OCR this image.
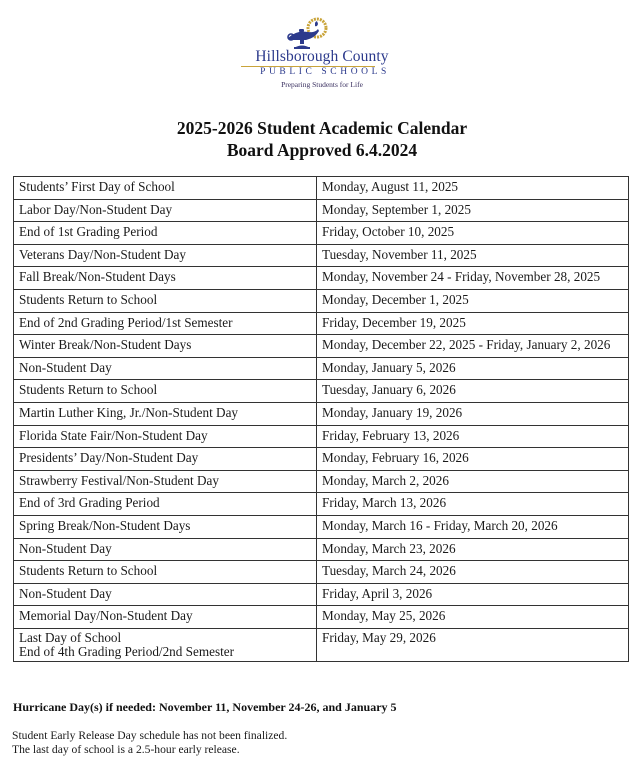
Hillsborough County
PUBLIC SCHOOLS
Preparing Students for Life
2025-2026 Student Academic Calendar
Board Approved 6.4.2024
Students’ First Day of School	Monday, August 11, 2025
Labor Day/Non-Student Day	Monday, September 1, 2025
End of 1st Grading Period	Friday, October 10, 2025
Veterans Day/Non-Student Day	Tuesday, November 11, 2025
Fall Break/Non-Student Days	Monday, November 24 - Friday, November 28, 2025
Students Return to School	Monday, December 1, 2025
End of 2nd Grading Period/1st Semester	Friday, December 19, 2025
Winter Break/Non-Student Days	Monday, December 22, 2025 - Friday, January 2, 2026
Non-Student Day	Monday, January 5, 2026
Students Return to School	Tuesday, January 6, 2026
Martin Luther King, Jr./Non-Student Day	Monday, January 19, 2026
Florida State Fair/Non-Student Day	Friday, February 13, 2026
Presidents’ Day/Non-Student Day	Monday, February 16, 2026
Strawberry Festival/Non-Student Day	Monday, March 2, 2026
End of 3rd Grading Period	Friday, March 13, 2026
Spring Break/Non-Student Days	Monday, March 16 - Friday, March 20, 2026
Non-Student Day	Monday, March 23, 2026
Students Return to School	Tuesday, March 24, 2026
Non-Student Day	Friday, April 3, 2026
Memorial Day/Non-Student Day	Monday, May 25, 2026

Last Day of School
End of 4th Grading Period/2nd Semester	Friday, May 29, 2026
Hurricane Day(s) if needed: November 11, November 24-26, and January 5
Student Early Release Day schedule has not been finalized.
The last day of school is a 2.5-hour early release.
